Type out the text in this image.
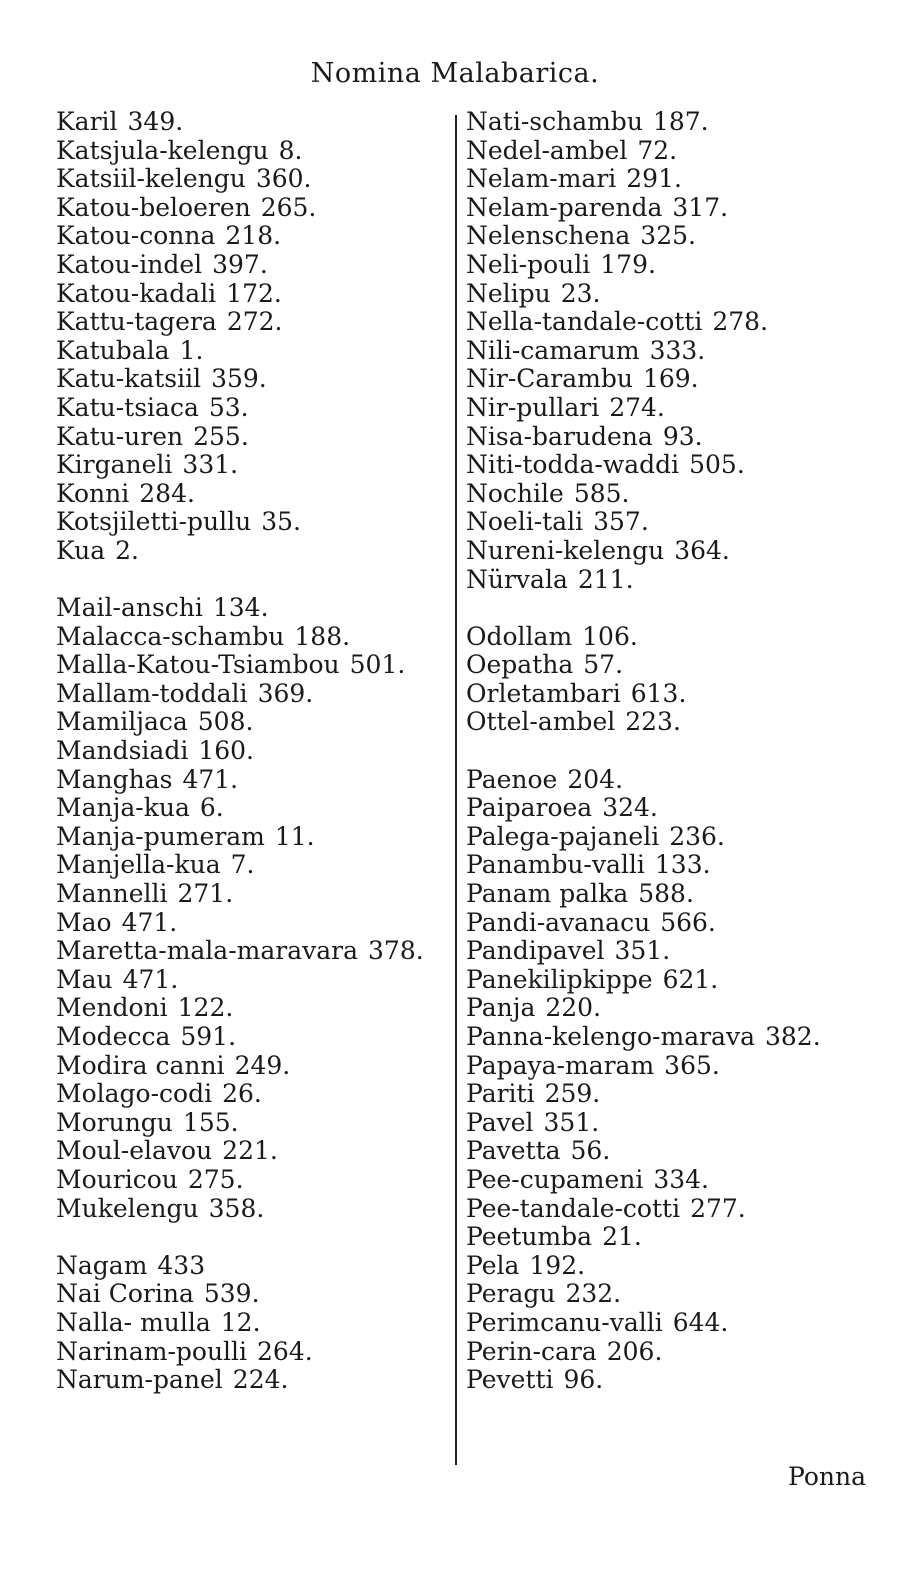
Nomina Malabarica.
Karil 349.
Katsjula-kelengu 8.
Katsiil-kelengu 360.
Katou-beloeren 265.
Katou-conna 218.
Katou-indel 397.
Katou-kadali 172.
Kattu-tagera 272.
Katubala 1.
Katu-katsiil 359.
Katu-tsiaca 53.
Katu-uren 255.
Kirganeli 331.
Konni 284.
Kotsjiletti-pullu 35.
Kua 2.
Mail-anschi 134.
Malacca-schambu 188.
Malla-Katou-Tsiambou 501.
Mallam-toddali 369.
Mamiljaca 508.
Mandsiadi 160.
Manghas 471.
Manja-kua 6.
Manja-pumeram 11.
Manjella-kua 7.
Mannelli 271.
Mao 471.
Maretta-mala-maravara 378.
Mau 471.
Mendoni 122.
Modecca 591.
Modira canni 249.
Molago-codi 26.
Morungu 155.
Moul-elavou 221.
Mouricou 275.
Mukelengu 358.
Nagam 433
Nai Corina 539.
Nalla- mulla 12.
Narinam-poulli 264.
Narum-panel 224.
Nati-schambu 187.
Nedel-ambel 72.
Nelam-mari 291.
Nelam-parenda 317.
Nelenschena 325.
Neli-pouli 179.
Nelipu 23.
Nella-tandale-cotti 278.
Nili-camarum 333.
Nir-Carambu 169.
Nir-pullari 274.
Nisa-barudena 93.
Niti-todda-waddi 505.
Nochile 585.
Noeli-tali 357.
Nureni-kelengu 364.
Nürvala 211.
Odollam 106.
Oepatha 57.
Orletambari 613.
Ottel-ambel 223.
Paenoe 204.
Paiparoea 324.
Palega-pajaneli 236.
Panambu-valli 133.
Panam palka 588.
Pandi-avanacu 566.
Pandipavel 351.
Panekilipkippe 621.
Panja 220.
Panna-kelengo-marava 382.
Papaya-maram 365.
Pariti 259.
Pavel 351.
Pavetta 56.
Pee-cupameni 334.
Pee-tandale-cotti 277.
Peetumba 21.
Pela 192.
Peragu 232.
Perimcanu-valli 644.
Perin-cara 206.
Pevetti 96.
Ponna
